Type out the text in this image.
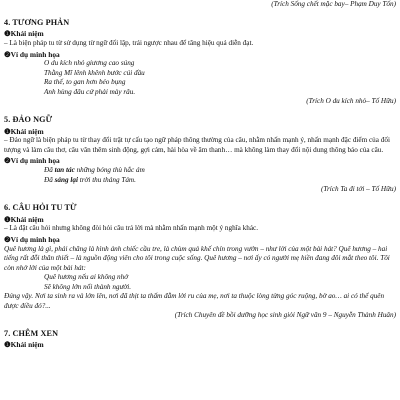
(Trích Sống chết mặc bay– Phạm Duy Tốn)

4. TƯƠNG PHẢN
❶Khái niệm

– Là biện pháp tu từ sử dụng từ ngữ đối lập, trái ngược nhau để tăng hiệu quả diễn đạt.

❷Ví dụ minh họa

O du kích nhỏ giương cao súng

Thằng Mĩ lênh khênh bước cúi đầu

Ra thế, to gan hơn béo bụng

Anh hùng đâu cứ phải mày râu.

(Trích O du kích nhỏ– Tố Hữu)

5. ĐẢO NGỮ
❶Khái niệm

– Đảo ngữ là biện pháp tu từ thay đổi trật tự cấu tạo ngữ pháp thông thường của câu, nhằm nhấn mạnh ý, nhấn mạnh đặc điểm của đối tượng và làm câu thơ, câu văn thêm sinh động, gợi cảm, hài hòa về âm thanh… mà không làm thay đổi nội dung thông báo của câu.

❷Ví dụ minh họa

Đã tan tác những bóng thù hắc ám

Đã sáng lại trời thu tháng Tám.

(Trích Ta đi tới – Tố Hữu)

6. CÂU HỎI TU TỪ
❶Khái niệm

– Là đặt câu hỏi nhưng không đòi hỏi câu trả lời mà nhằm nhấn mạnh một ý nghĩa khác.

❷Ví dụ minh họa

Quê hương là gì, phải chăng là hình ảnh chiếc cầu tre, là chùm quả khế chín trong vườn – như lời của một bài hát? Quê hương – hai tiếng rất đỗi thân thiết – là nguồn động viên cho tôi trong cuộc sống. Quê hương – nơi ấy có người mẹ hiền đang đôi mắt theo tôi. Tôi còn nhớ lời của một bài hát:

Quê hương nếu ai không nhớ

Sẽ không lớn nổi thành người.

Đúng vậy. Nơi ta sinh ra và lớn lên, nơi đã thịt ta thấm đẫm lời ru của mẹ, nơi ta thuộc lòng từng góc ruộng, bờ ao… ai có thể quên được điều đó?...

(Trích Chuyên đề bồi dưỡng học sinh giỏi Ngữ văn 9 – Nguyễn Thành Huân)

7. CHÊM XEN
❶Khái niệm
